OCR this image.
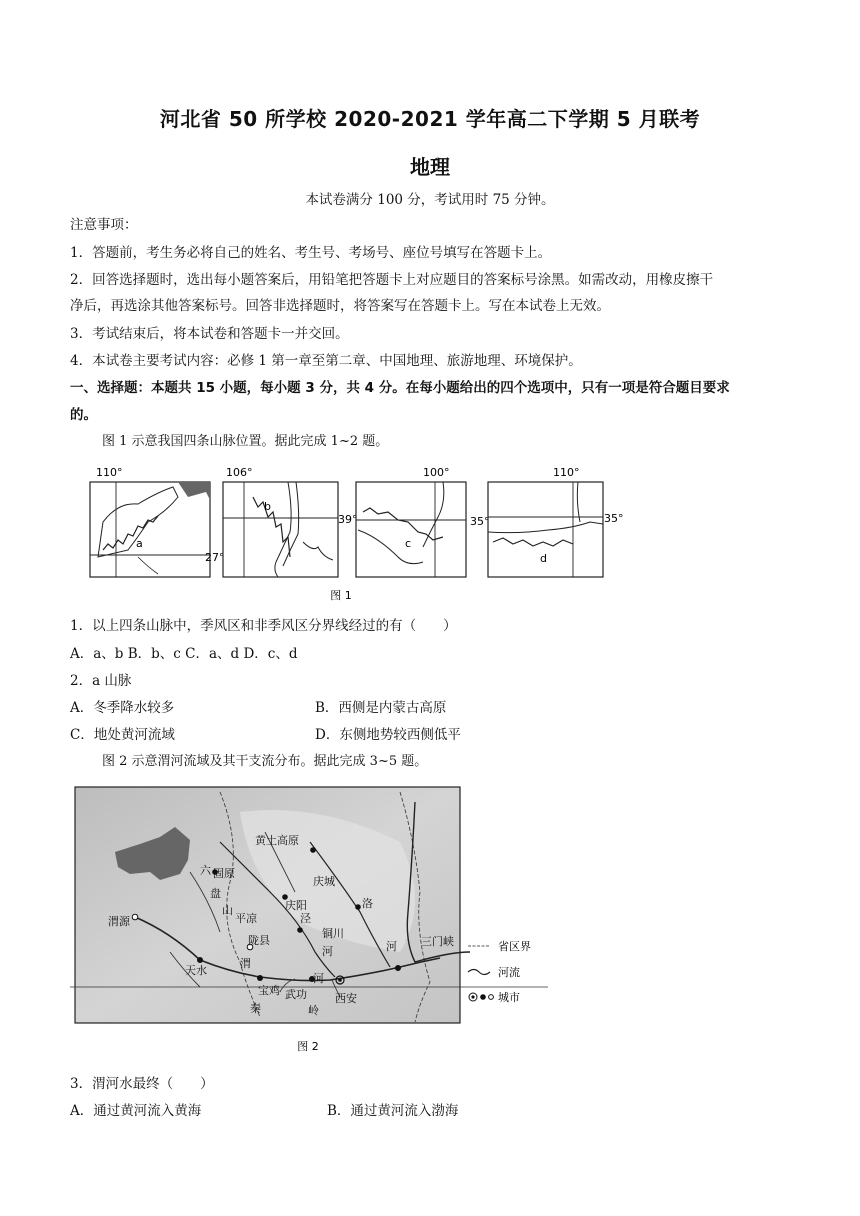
河北省 50 所学校 2020-2021 学年高二下学期 5 月联考
地理
本试卷满分 100 分，考试用时 75 分钟。
注意事项：
1．答题前，考生务必将自己的姓名、考生号、考场号、座位号填写在答题卡上。
2．回答选择题时，选出每小题答案后，用铅笔把答题卡上对应题目的答案标号涂黑。如需改动，用橡皮擦干
净后，再选涂其他答案标号。回答非选择题时，将答案写在答题卡上。写在本试卷上无效。
3．考试结束后，将本试卷和答题卡一并交回。
4．本试卷主要考试内容：必修 1 第一章至第二章、中国地理、旅游地理、环境保护。
一、选择题：本题共 15 小题，每小题 3 分，共 4 分。在每小题给出的四个选项中，只有一项是符合题目要求
的。
图 1 示意我国四条山脉位置。据此完成 1~2 题。
110°
27°
a
106°
39°
b
100°
35°
c
110°
35°
d
图 1
1．以上四条山脉中，季风区和非季风区分界线经过的有（　　）
A．a、b B．b、c C．a、d D．c、d
2．a 山脉
A．冬季降水较多	B．西侧是内蒙古高原
C．地处黄河流域	D．东侧地势较西侧低平
图 2 示意渭河流域及其干支流分布。据此完成 3~5 题。
黄土高原
六 固原
盘
山
平凉
庆城
庆阳
泾
洛
渭源
陇县
铜川
河	河
河
三门峡
天水
渭
宝鸡 武功	西安
秦	岭
省区界
河流
城市
图 2
3．渭河水最终（　　）
A．通过黄河流入黄海	B．通过黄河流入渤海
